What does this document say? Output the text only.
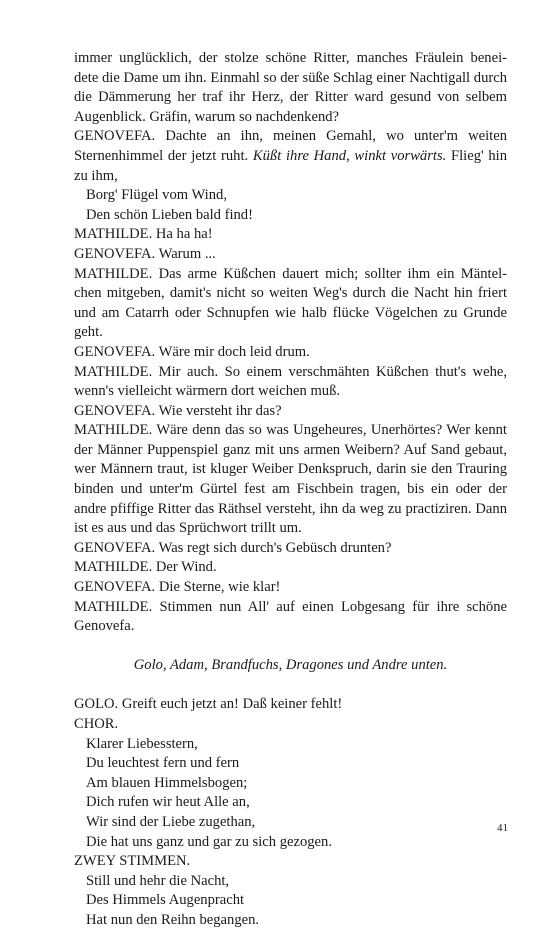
immer unglücklich, der stolze schöne Ritter, manches Fräulein benei- dete die Dame um ihn. Einmahl so der süße Schlag einer Nachtigall durch die Dämmerung her traf ihr Herz, der Ritter ward gesund von selbem Augenblick. Gräfin, warum so nachdenkend?

GENOVEFA. Dachte an ihn, meinen Gemahl, wo unter'm weiten Sternenhimmel der jetzt ruht. Küßt ihre Hand, winkt vorwärts. Flieg' hin zu ihm,

Borg' Flügel vom Wind,

Den schön Lieben bald find!

MATHILDE. Ha ha ha!

GENOVEFA. Warum ...

MATHILDE. Das arme Küßchen dauert mich; sollter ihm ein Mäntel- chen mitgeben, damit's nicht so weiten Weg's durch die Nacht hin friert und am Catarrh oder Schnupfen wie halb flücke Vögelchen zu Grunde geht.

GENOVEFA. Wäre mir doch leid drum.

MATHILDE. Mir auch. So einem verschmähten Küßchen thut's wehe, wenn's vielleicht wärmern dort weichen muß.

GENOVEFA. Wie versteht ihr das?

MATHILDE. Wäre denn das so was Ungeheures, Unerhörtes? Wer kennt der Männer Puppenspiel ganz mit uns armen Weibern? Auf Sand gebaut, wer Männern traut, ist kluger Weiber Denkspruch, darin sie den Trauring binden und unter'm Gürtel fest am Fischbein tragen, bis ein oder der andre pfiffige Ritter das Räthsel versteht, ihn da weg zu practiziren. Dann ist es aus und das Sprüchwort trillt um.

GENOVEFA. Was regt sich durch's Gebüsch drunten?

MATHILDE. Der Wind.

GENOVEFA. Die Sterne, wie klar!

MATHILDE. Stimmen nun All' auf einen Lobgesang für ihre schöne Genovefa.

Golo, Adam, Brandfuchs, Dragones und Andre unten.

GOLO. Greift euch jetzt an! Daß keiner fehlt!

CHOR.

Klarer Liebesstern,

Du leuchtest fern und fern

Am blauen Himmelsbogen;

Dich rufen wir heut Alle an,

Wir sind der Liebe zugethan,

Die hat uns ganz und gar zu sich gezogen.

ZWEY STIMMEN.

Still und hehr die Nacht,

Des Himmels Augenpracht

Hat nun den Reihn begangen.

41
